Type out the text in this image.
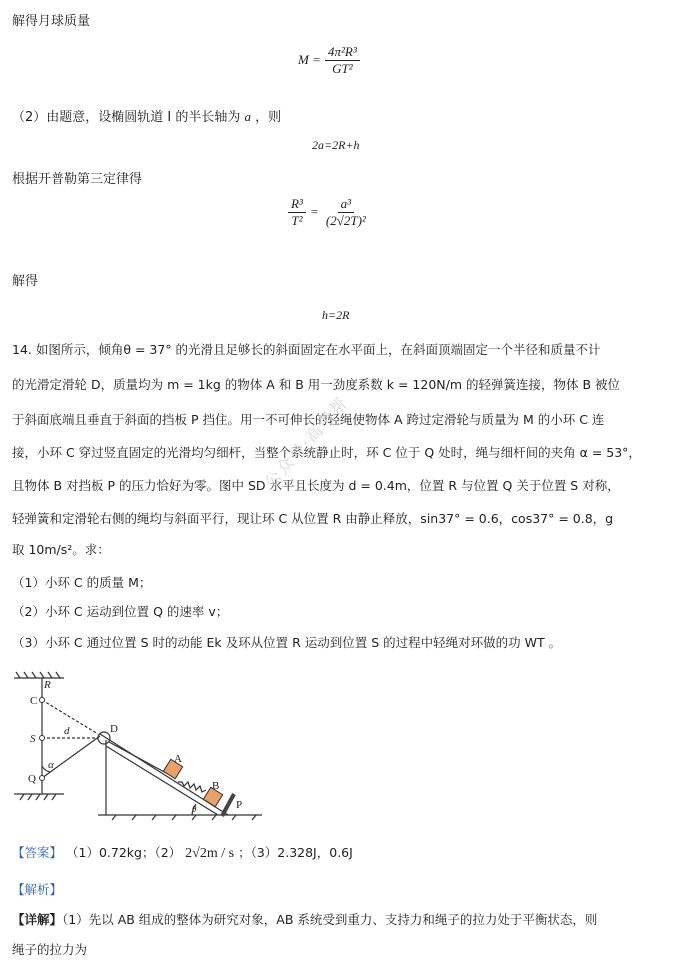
解得月球质量
$M = \frac{\text{4π²R³}}{\text{GT²}}$
（2）由题意，设椭圆轨道 I 的半长轴为 a ，则
2a=2R+h
根据开普勒第三定律得
$\frac{\text{R³}}{\text{T²}} = \frac{\text{a³}}{\text{(2√2T)²}}$
解得
h=2R
14. 如图所示，倾角θ = 37° 的光滑且足够长的斜面固定在水平面上，在斜面顶端固定一个半径和质量不计
的光滑定滑轮 D，质量均为 m = 1kg 的物体 A 和 B 用一劲度系数 k = 120N/m 的轻弹簧连接，物体 B 被位
于斜面底端且垂直于斜面的挡板 P 挡住。用一不可伸长的轻绳使物体 A 跨过定滑轮与质量为 M 的小环 C 连
接，小环 C 穿过竖直固定的光滑均匀细杆，当整个系统静止时，环 C 位于 Q 处时，绳与细杆间的夹角 α = 53°，
且物体 B 对挡板 P 的压力恰好为零。图中 SD 水平且长度为 d = 0.4m，位置 R 与位置 Q 关于位置 S 对称，
轻弹簧和定滑轮右侧的绳均与斜面平行，现让环 C 从位置 R 由静止释放，sin37° = 0.6，cos37° = 0.8，g
取 10m/s²。求：
（1）小环 C 的质量 M；
（2）小环 C 运动到位置 Q 的速率 v；
（3）小环 C 通过位置 S 时的动能 Ek 及环从位置 R 运动到位置 S 的过程中轻绳对环做的功 WT 。
公众号·高考帮
R
C
S
d	D
Q
α	A
B
P
θ
【答案】 （1）0.72kg；（2） 2√2m / s ；（3）2.328J，0.6J
【解析】
【详解】（1）先以 AB 组成的整体为研究对象，AB 系统受到重力、支持力和绳子的拉力处于平衡状态，则
绳子的拉力为
